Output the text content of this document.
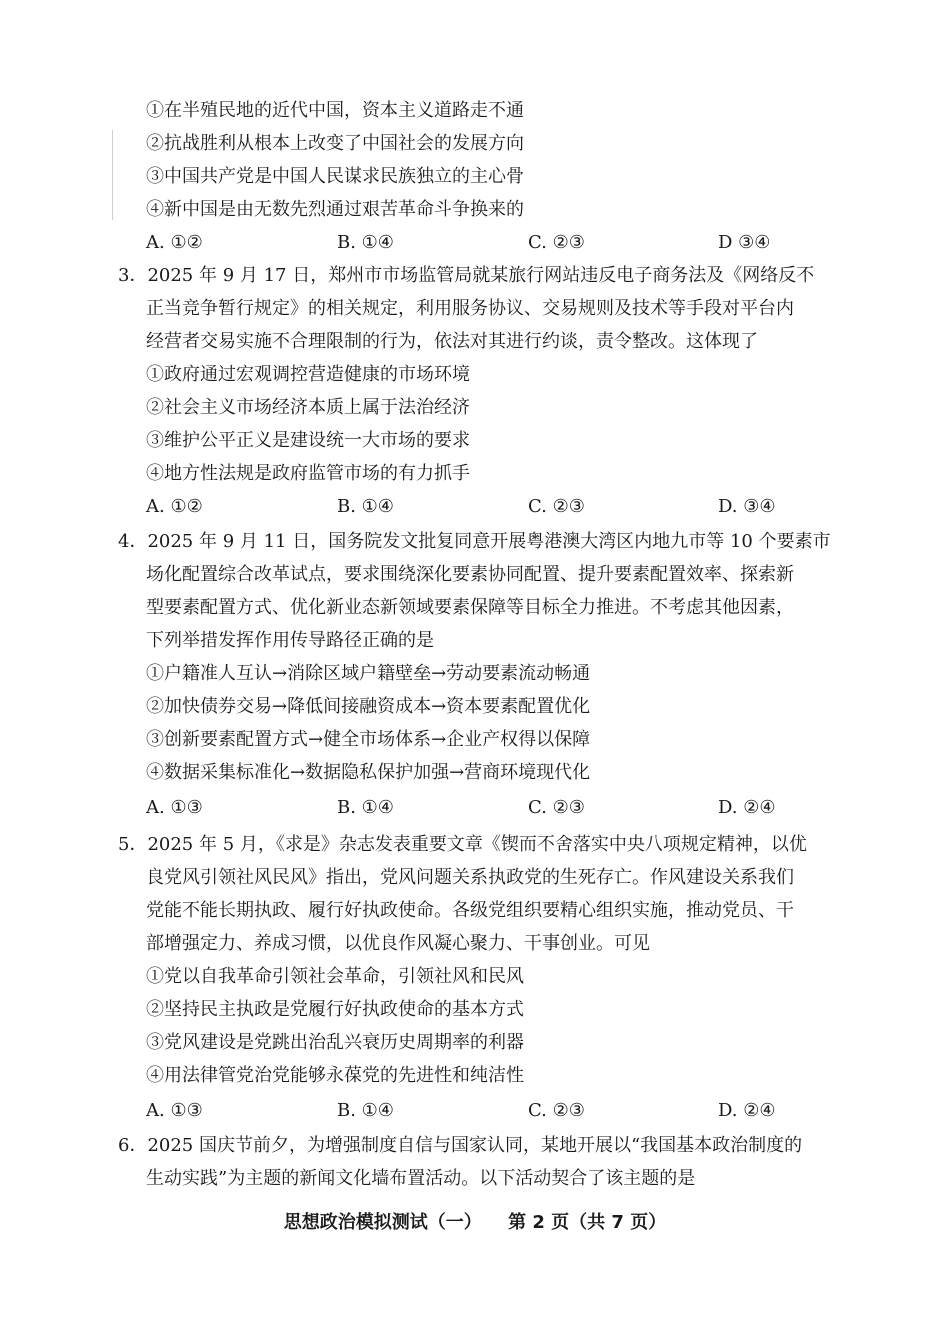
①在半殖民地的近代中国，资本主义道路走不通
②抗战胜利从根本上改变了中国社会的发展方向
③中国共产党是中国人民谋求民族独立的主心骨
④新中国是由无数先烈通过艰苦革命斗争换来的
A. ①②	B. ①④	C. ②③	D ③④
3．2025 年 9 月 17 日，郑州市市场监管局就某旅行网站违反电子商务法及《网络反不
正当竞争暂行规定》的相关规定，利用服务协议、交易规则及技术等手段对平台内
经营者交易实施不合理限制的行为，依法对其进行约谈，责令整改。这体现了
①政府通过宏观调控营造健康的市场环境
②社会主义市场经济本质上属于法治经济
③维护公平正义是建设统一大市场的要求
④地方性法规是政府监管市场的有力抓手
A. ①②	B. ①④	C. ②③	D. ③④
4．2025 年 9 月 11 日，国务院发文批复同意开展粤港澳大湾区内地九市等 10 个要素市
场化配置综合改革试点，要求围绕深化要素协同配置、提升要素配置效率、探索新
型要素配置方式、优化新业态新领域要素保障等目标全力推进。不考虑其他因素，
下列举措发挥作用传导路径正确的是
①户籍准人互认→消除区域户籍壁垒→劳动要素流动畅通
②加快债券交易→降低间接融资成本→资本要素配置优化
③创新要素配置方式→健全市场体系→企业产权得以保障
④数据采集标准化→数据隐私保护加强→营商环境现代化
A. ①③	B. ①④	C. ②③	D. ②④
5．2025 年 5 月，《求是》杂志发表重要文章《锲而不舍落实中央八项规定精神，以优
良党风引领社风民风》指出，党风问题关系执政党的生死存亡。作风建设关系我们
党能不能长期执政、履行好执政使命。各级党组织要精心组织实施，推动党员、干
部增强定力、养成习惯，以优良作风凝心聚力、干事创业。可见
①党以自我革命引领社会革命，引领社风和民风
②坚持民主执政是党履行好执政使命的基本方式
③党风建设是党跳出治乱兴衰历史周期率的利器
④用法律管党治党能够永葆党的先进性和纯洁性
A. ①③	B. ①④	C. ②③	D. ②④
6．2025 国庆节前夕，为增强制度自信与国家认同，某地开展以“我国基本政治制度的
生动实践”为主题的新闻文化墙布置活动。以下活动契合了该主题的是
思想政治模拟测试（一） 第 2 页（共 7 页）
